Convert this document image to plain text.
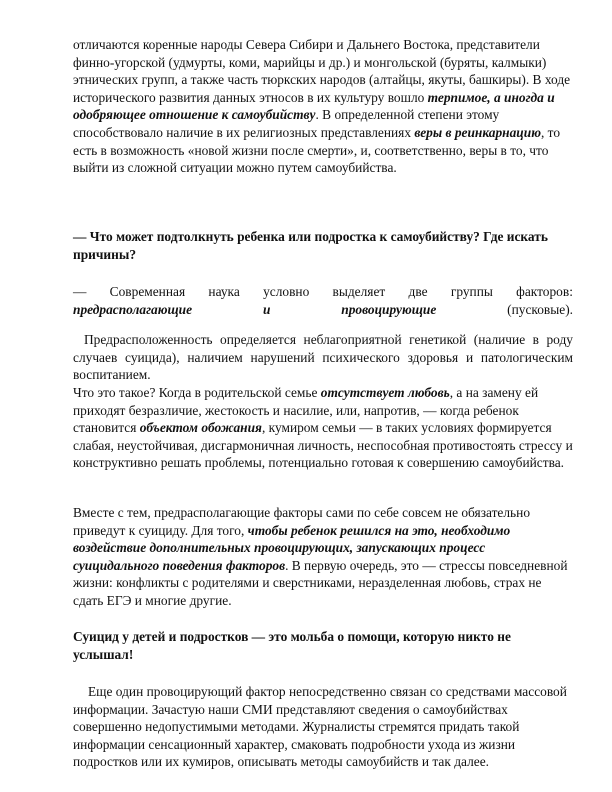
отличаются коренные народы Севера Сибири и Дальнего Востока, представители финно-угорской (удмурты, коми, марийцы и др.) и монгольской (буряты, калмыки) этнических групп, а также часть тюркских народов (алтайцы, якуты, башкиры). В ходе исторического развития данных этносов в их культуру вошло терпимое, а иногда и одобряющее отношение к самоубийству. В определенной степени этому способствовало наличие в их религиозных представлениях веры в реинкарнацию, то есть в возможность «новой жизни после смерти», и, соответственно, веры в то, что выйти из сложной ситуации можно путем самоубийства.

— Что может подтолкнуть ребенка или подростка к самоубийству? Где искать причины?

— Современная наука условно выделяет две группы факторов:
предрасполагающие	и	провоцирующие	(пусковые).

Предрасположенность определяется неблагоприятной генетикой (наличие в роду случаев суицида), наличием нарушений психического здоровья и патологическим воспитанием.

Что это такое? Когда в родительской семье отсутствует любовь, а на замену ей приходят безразличие, жестокость и насилие, или, напротив, — когда ребенок становится объектом обожания, кумиром семьи — в таких условиях формируется слабая, неустойчивая, дисгармоничная личность, неспособная противостоять стрессу и конструктивно решать проблемы, потенциально готовая к совершению самоубийства.

Вместе с тем, предрасполагающие факторы сами по себе совсем не обязательно приведут к суициду. Для того, чтобы ребенок решился на это, необходимо воздействие дополнительных провоцирующих, запускающих процесс суицидального поведения факторов. В первую очередь, это — стрессы повседневной жизни: конфликты с родителями и сверстниками, неразделенная любовь, страх не сдать ЕГЭ и многие другие.

Суицид у детей и подростков — это мольба о помощи, которую никто не услышал!

Еще один провоцирующий фактор непосредственно связан со средствами массовой информации. Зачастую наши СМИ представляют сведения о самоубийствах совершенно недопустимыми методами. Журналисты стремятся придать такой информации сенсационный характер, смаковать подробности ухода из жизни подростков или их кумиров, описывать методы самоубийств и так далее.
